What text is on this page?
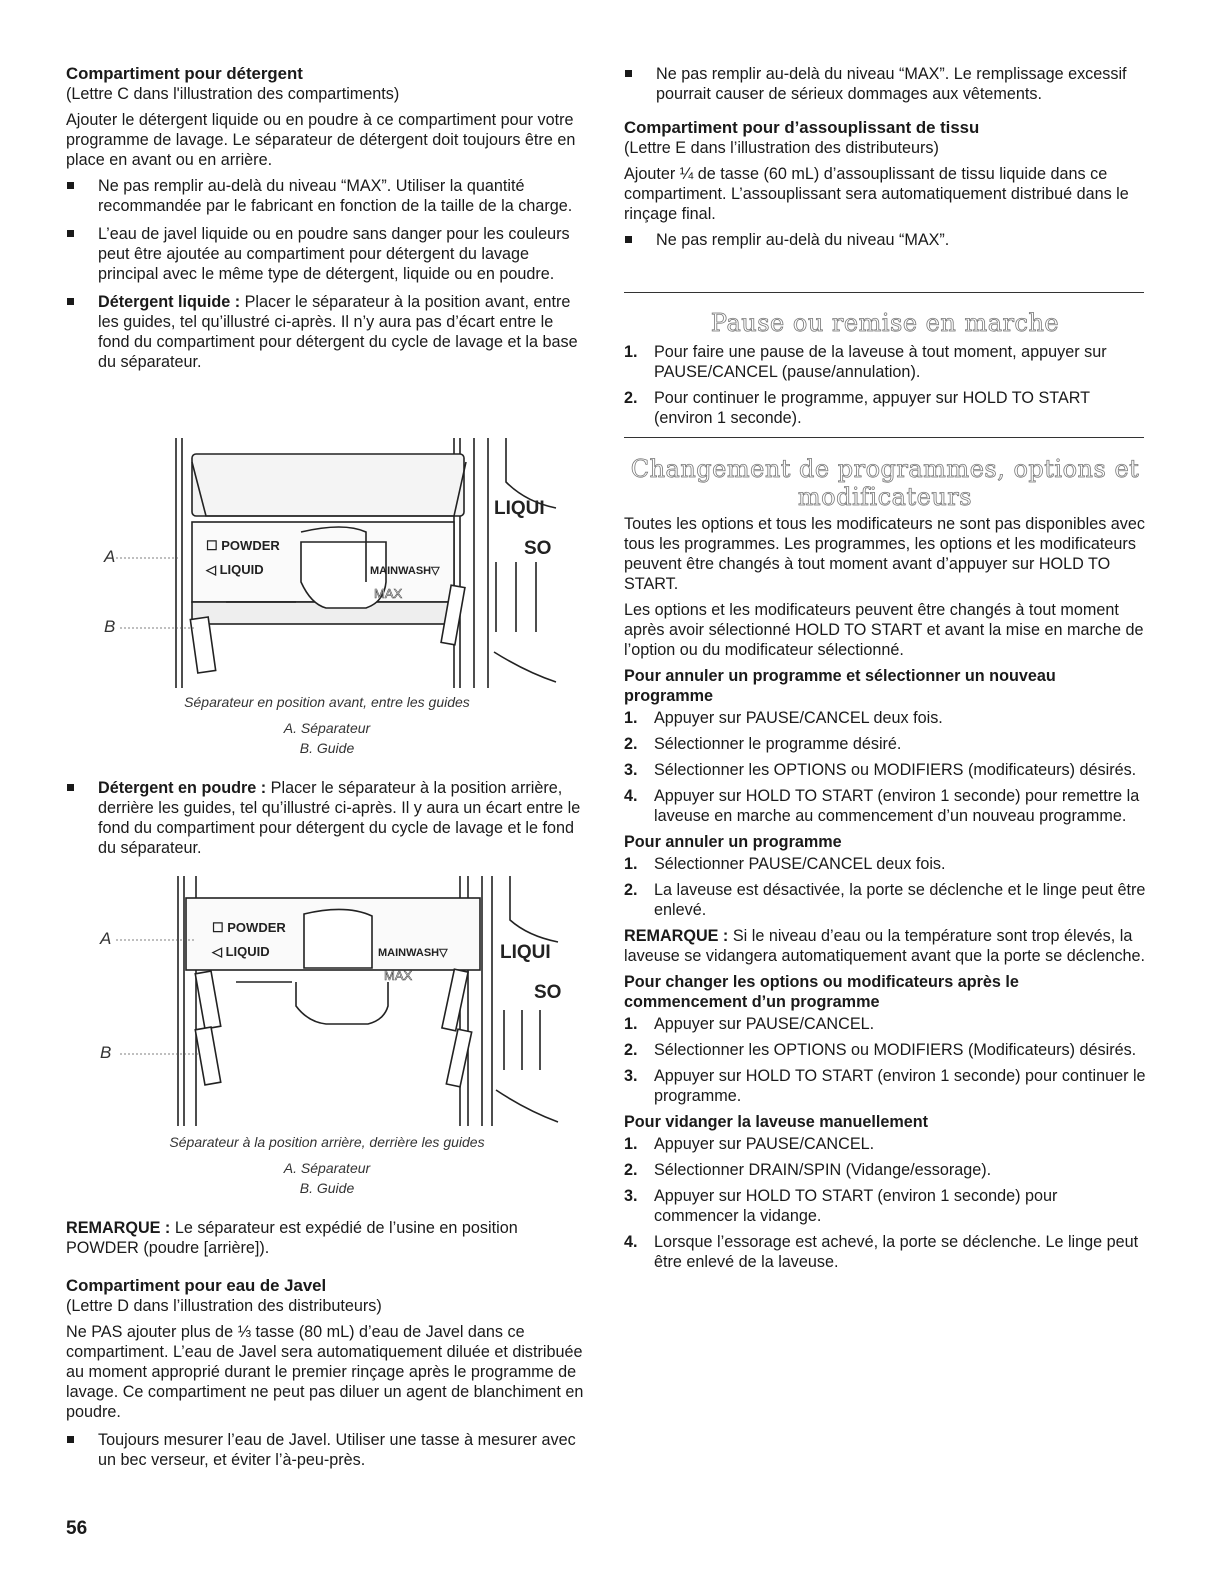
Compartiment pour détergent

(Lettre C dans l'illustration des compartiments)

Ajouter le détergent liquide ou en poudre à ce compartiment pour votre programme de lavage. Le séparateur de détergent doit toujours être en place en avant ou en arrière.

Ne pas remplir au-delà du niveau “MAX”. Utiliser la quantité recommandée par le fabricant en fonction de la taille de la charge.

L’eau de javel liquide ou en poudre sans danger pour les couleurs peut être ajoutée au compartiment pour détergent du lavage principal avec le même type de détergent, liquide ou en poudre.

Détergent liquide : Placer le séparateur à la position avant, entre les guides, tel qu’illustré ci-après. Il n’y aura pas d’écart entre le fond du compartiment pour détergent du cycle de lavage et la base du séparateur.

A
B
☐ POWDER
◁ LIQUID	MAINWASH▽
MAX
LIQUI
SO

Séparateur en position avant, entre les guides

A. Séparateur

B. Guide

Détergent en poudre : Placer le séparateur à la position arrière, derrière les guides, tel qu’illustré ci-après. Il y aura un écart entre le fond du compartiment pour détergent du cycle de lavage et le fond du séparateur.

A
B
☐ POWDER
◁ LIQUID	MAINWASH▽
MAX
LIQUI
SO

Séparateur à la position arrière, derrière les guides

A. Séparateur

B. Guide

REMARQUE : Le séparateur est expédié de l’usine en position POWDER (poudre [arrière]).

Compartiment pour eau de Javel

(Lettre D dans l’illustration des distributeurs)

Ne PAS ajouter plus de ⅓ tasse (80 mL) d’eau de Javel dans ce compartiment. L’eau de Javel sera automatiquement diluée et distribuée au moment approprié durant le premier rinçage après le programme de lavage. Ce compartiment ne peut pas diluer un agent de blanchiment en poudre.

Toujours mesurer l’eau de Javel. Utiliser une tasse à mesurer avec un bec verseur, et éviter l’à-peu-près.

56

Ne pas remplir au-delà du niveau “MAX”. Le remplissage excessif pourrait causer de sérieux dommages aux vêtements.

Compartiment pour d’assouplissant de tissu

(Lettre E dans l’illustration des distributeurs)

Ajouter ¼ de tasse (60 mL) d’assouplissant de tissu liquide dans ce compartiment. L’assouplissant sera automatiquement distribué dans le rinçage final.

Ne pas remplir au-delà du niveau “MAX”.

Pause ou remise en marche

1. Pour faire une pause de la laveuse à tout moment, appuyer sur PAUSE/CANCEL (pause/annulation).

2. Pour continuer le programme, appuyer sur HOLD TO START (environ 1 seconde).

Changement de programmes, options et
modificateurs

Toutes les options et tous les modificateurs ne sont pas disponibles avec tous les programmes. Les programmes, les options et les modificateurs peuvent être changés à tout moment avant d’appuyer sur HOLD TO START.

Les options et les modificateurs peuvent être changés à tout moment après avoir sélectionné HOLD TO START et avant la mise en marche de l’option ou du modificateur sélectionné.

Pour annuler un programme et sélectionner un nouveau programme

1. Appuyer sur PAUSE/CANCEL deux fois.

2. Sélectionner le programme désiré.

3. Sélectionner les OPTIONS ou MODIFIERS (modificateurs) désirés.

4. Appuyer sur HOLD TO START (environ 1 seconde) pour remettre la laveuse en marche au commencement d’un nouveau programme.

Pour annuler un programme

1. Sélectionner PAUSE/CANCEL deux fois.

2. La laveuse est désactivée, la porte se déclenche et le linge peut être enlevé.

REMARQUE : Si le niveau d’eau ou la température sont trop élevés, la laveuse se vidangera automatiquement avant que la porte se déclenche.

Pour changer les options ou modificateurs après le commencement d’un programme

1. Appuyer sur PAUSE/CANCEL.

2. Sélectionner les OPTIONS ou MODIFIERS (Modificateurs) désirés.

3. Appuyer sur HOLD TO START (environ 1 seconde) pour continuer le programme.

Pour vidanger la laveuse manuellement

1. Appuyer sur PAUSE/CANCEL.

2. Sélectionner DRAIN/SPIN (Vidange/essorage).

3. Appuyer sur HOLD TO START (environ 1 seconde) pour commencer la vidange.

4. Lorsque l’essorage est achevé, la porte se déclenche. Le linge peut être enlevé de la laveuse.
